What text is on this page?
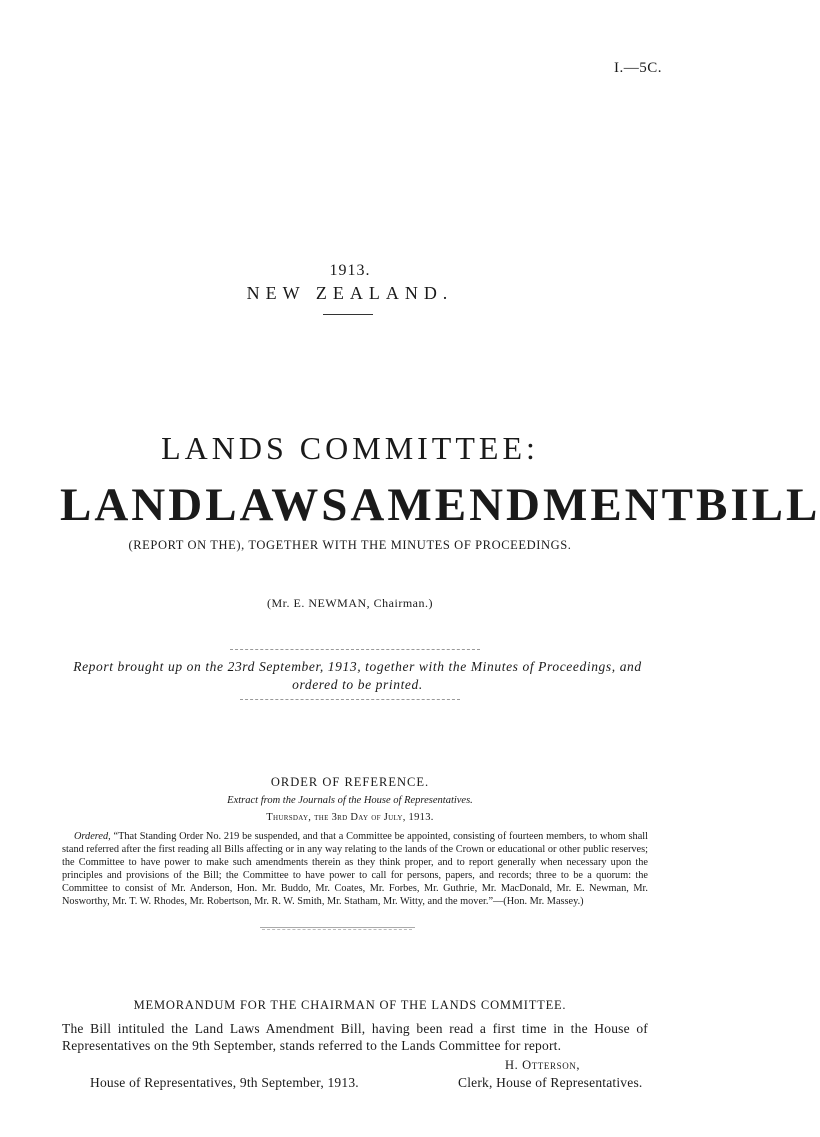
I.—5C.
1913.
NEW ZEALAND.
LANDS COMMITTEE:
LAND LAWS AMENDMENT BILL
(REPORT ON THE), TOGETHER WITH THE MINUTES OF PROCEEDINGS.
(Mr. E. NEWMAN, Chairman.)
Report brought up on the 23rd September, 1913, together with the Minutes of Proceedings, and ordered to be printed.
ORDER OF REFERENCE.
Extract from the Journals of the House of Representatives.
Thursday, the 3rd Day of July, 1913.
Ordered, “That Standing Order No. 219 be suspended, and that a Committee be appointed, consisting of fourteen members, to whom shall stand referred after the first reading all Bills affecting or in any way relating to the lands of the Crown or educational or other public reserves; the Committee to have power to make such amendments therein as they think proper, and to report generally when necessary upon the principles and provisions of the Bill; the Committee to have power to call for persons, papers, and records; three to be a quorum: the Committee to consist of Mr. Anderson, Hon. Mr. Buddo, Mr. Coates, Mr. Forbes, Mr. Guthrie, Mr. MacDonald, Mr. E. Newman, Mr. Nosworthy, Mr. T. W. Rhodes, Mr. Robertson, Mr. R. W. Smith, Mr. Statham, Mr. Witty, and the mover.”—(Hon. Mr. Massey.)
MEMORANDUM FOR THE CHAIRMAN OF THE LANDS COMMITTEE.
The Bill intituled the Land Laws Amendment Bill, having been read a first time in the House of Representatives on the 9th September, stands referred to the Lands Committee for report.
H. Otterson,
House of Representatives, 9th September, 1913.	Clerk, House of Representatives.
